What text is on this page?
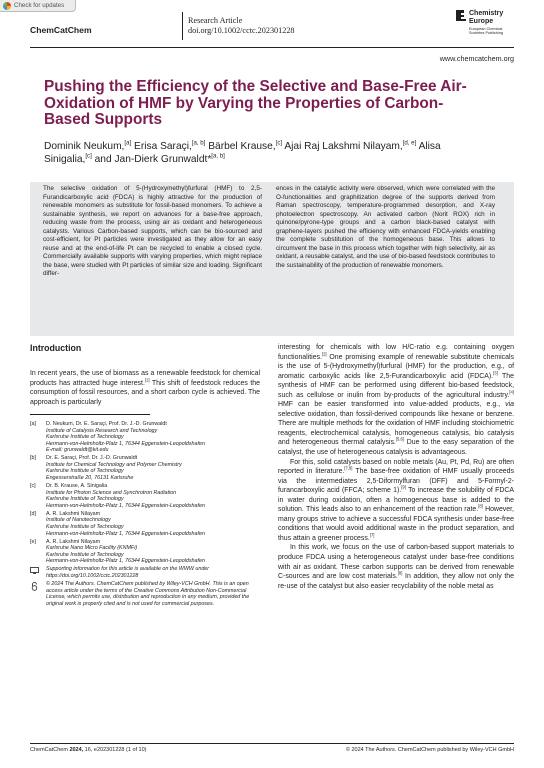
Check for updates
ChemCatChem
Research Article
doi.org/10.1002/cctc.202301228
Chemistry
Europe
European Chemical
Societies Publishing
www.chemcatchem.org
Pushing the Efficiency of the Selective and Base-Free Air-Oxidation of HMF by Varying the Properties of Carbon-Based Supports
Dominik Neukum,[a] Erisa Saraçi,[a, b] Bärbel Krause,[c] Ajai Raj Lakshmi Nilayam,[d, e] Alisa Sinigalia,[c] and Jan-Dierk Grunwaldt*[a, b]

The selective oxidation of 5-(Hydroxymethyl)furfural (HMF) to 2,5-Furandicarboxylic acid (FDCA) is highly attractive for the production of renewable monomers as substitute for fossil-based monomers. To achieve a sustainable synthesis, we report on advances for a base-free approach, reducing waste from the process, using air as oxidant and heterogeneous catalysts. Various Carbon-based supports, which can be bio-sourced and cost-efficient, for Pt particles were investigated as they allow for an easy reuse and at the end-of-life Pt can be recycled to enable a closed cycle. Commercially available supports with varying properties, which might replace the base, were studied with Pt particles of similar size and loading. Significant differ-

ences in the catalytic activity were observed, which were correlated with the O-functionalities and graphitization degree of the supports derived from Raman spectroscopy, temperature-programmed desorption, and X-ray photoelectron spectroscopy. An activated carbon (Norit ROX) rich in quinone/pyrone-type groups and a carbon black-based catalyst with graphene-layers pushed the efficiency with enhanced FDCA-yields enabling the complete substitution of the homogeneous base. This allows to circumvent the base in this process which together with high selectivity, air as oxidant, a reusable catalyst, and the use of bio-based feedstock contributes to the sustainability of the production of renewable monomers.

Introduction

In recent years, the use of biomass as a renewable feedstock for chemical products has attracted huge interest.[1] This shift of feedstock reduces the consumption of fossil resources, and a short carbon cycle is achieved. The approach is particularly

[a] D. Neukum, Dr. E. Saraçi, Prof. Dr. J.-D. Grunwaldt
Institute of Catalysis Research and Technology
Karlsruhe Institute of Technology
Hermann-von-Helmholtz-Platz 1, 76344 Eggenstein-Leopoldshafen
E-mail: grunwaldt@kit.edu
[b] Dr. E. Saraçi, Prof. Dr. J.-D. Grunwaldt
Institute for Chemical Technology and Polymer Chemistry
Karlsruhe Institute of Technology
Engesserstraße 20, 76131 Karlsruhe
[c] Dr. B. Krause, A. Sinigalia
Institute for Photon Science and Synchrotron Radiation
Karlsruhe Institute of Technology
Hermann-von-Helmholtz-Platz 1, 76344 Eggenstein-Leopoldshafen
[d] A. R. Lakshmi Nilayam
Institute of Nanotechnology
Karlsruhe Institute of Technology
Hermann-von-Helmholtz-Platz 1, 76344 Eggenstein-Leopoldshafen
[e] A. R. Lakshmi Nilayam
Karlsruhe Nano Micro Facility (KNMFi)
Karlsruhe Institute of Technology
Hermann-von-Helmholtz-Platz 1, 76344 Eggenstein-Leopoldshafen
Supporting information for this article is available on the WWW under https://doi.org/10.1002/cctc.202301228
© 2024 The Authors. ChemCatChem published by Wiley-VCH GmbH. This is an open access article under the terms of the Creative Commons Attribution Non-Commercial License, which permits use, distribution and reproduction in any medium, provided the original work is properly cited and is not used for commercial purposes.

interesting for chemicals with low H/C-ratio e.g. containing oxygen functionalities.[2] One promising example of renewable substitute chemicals is the use of 5-(Hydroxymethyl)furfural (HMF) for the production, e.g., of aromatic carboxylic acids like 2,5-Furandicarboxylic acid (FDCA).[3] The synthesis of HMF can be performed using different bio-based feedstock, such as cellulose or inulin from by-products of the agricultural industry.[4] HMF can be easier transformed into value-added products, e.g., via selective oxidation, than fossil-derived compounds like hexane or benzene. There are multiple methods for the oxidation of HMF including stoichiometric reagents, electrochemical catalysis, homogeneous catalysis, bio catalysis and heterogeneous thermal catalysis.[5,6] Due to the easy separation of the catalyst, the use of heterogeneous catalysis is advantageous.

For this, solid catalysts based on noble metals (Au, Pt, Pd, Ru) are often reported in literature.[7,8] The base-free oxidation of HMF usually proceeds via the intermediates 2,5-Diformylfuran (DFF) and 5-Formyl-2-furancarboxylic acid (FFCA; scheme 1).[9] To increase the solubility of FDCA in water during oxidation, often a homogeneous base is added to the solution. This leads also to an enhancement of the reaction rate.[8] However, many groups strive to achieve a successful FDCA synthesis under base-free conditions that would avoid additional waste in the product separation, and thus attain a greener process.[7]

In this work, we focus on the use of carbon-based support materials to produce FDCA using a heterogeneous catalyst under base-free conditions with air as oxidant. These carbon supports can be derived from renewable C-sources and are low cost materials.[8] In addition, they allow not only the re-use of the catalyst but also easier recyclability of the noble metal as

ChemCatChem 2024, 16, e202301228 (1 of 10)	© 2024 The Authors. ChemCatChem published by Wiley-VCH GmbH
